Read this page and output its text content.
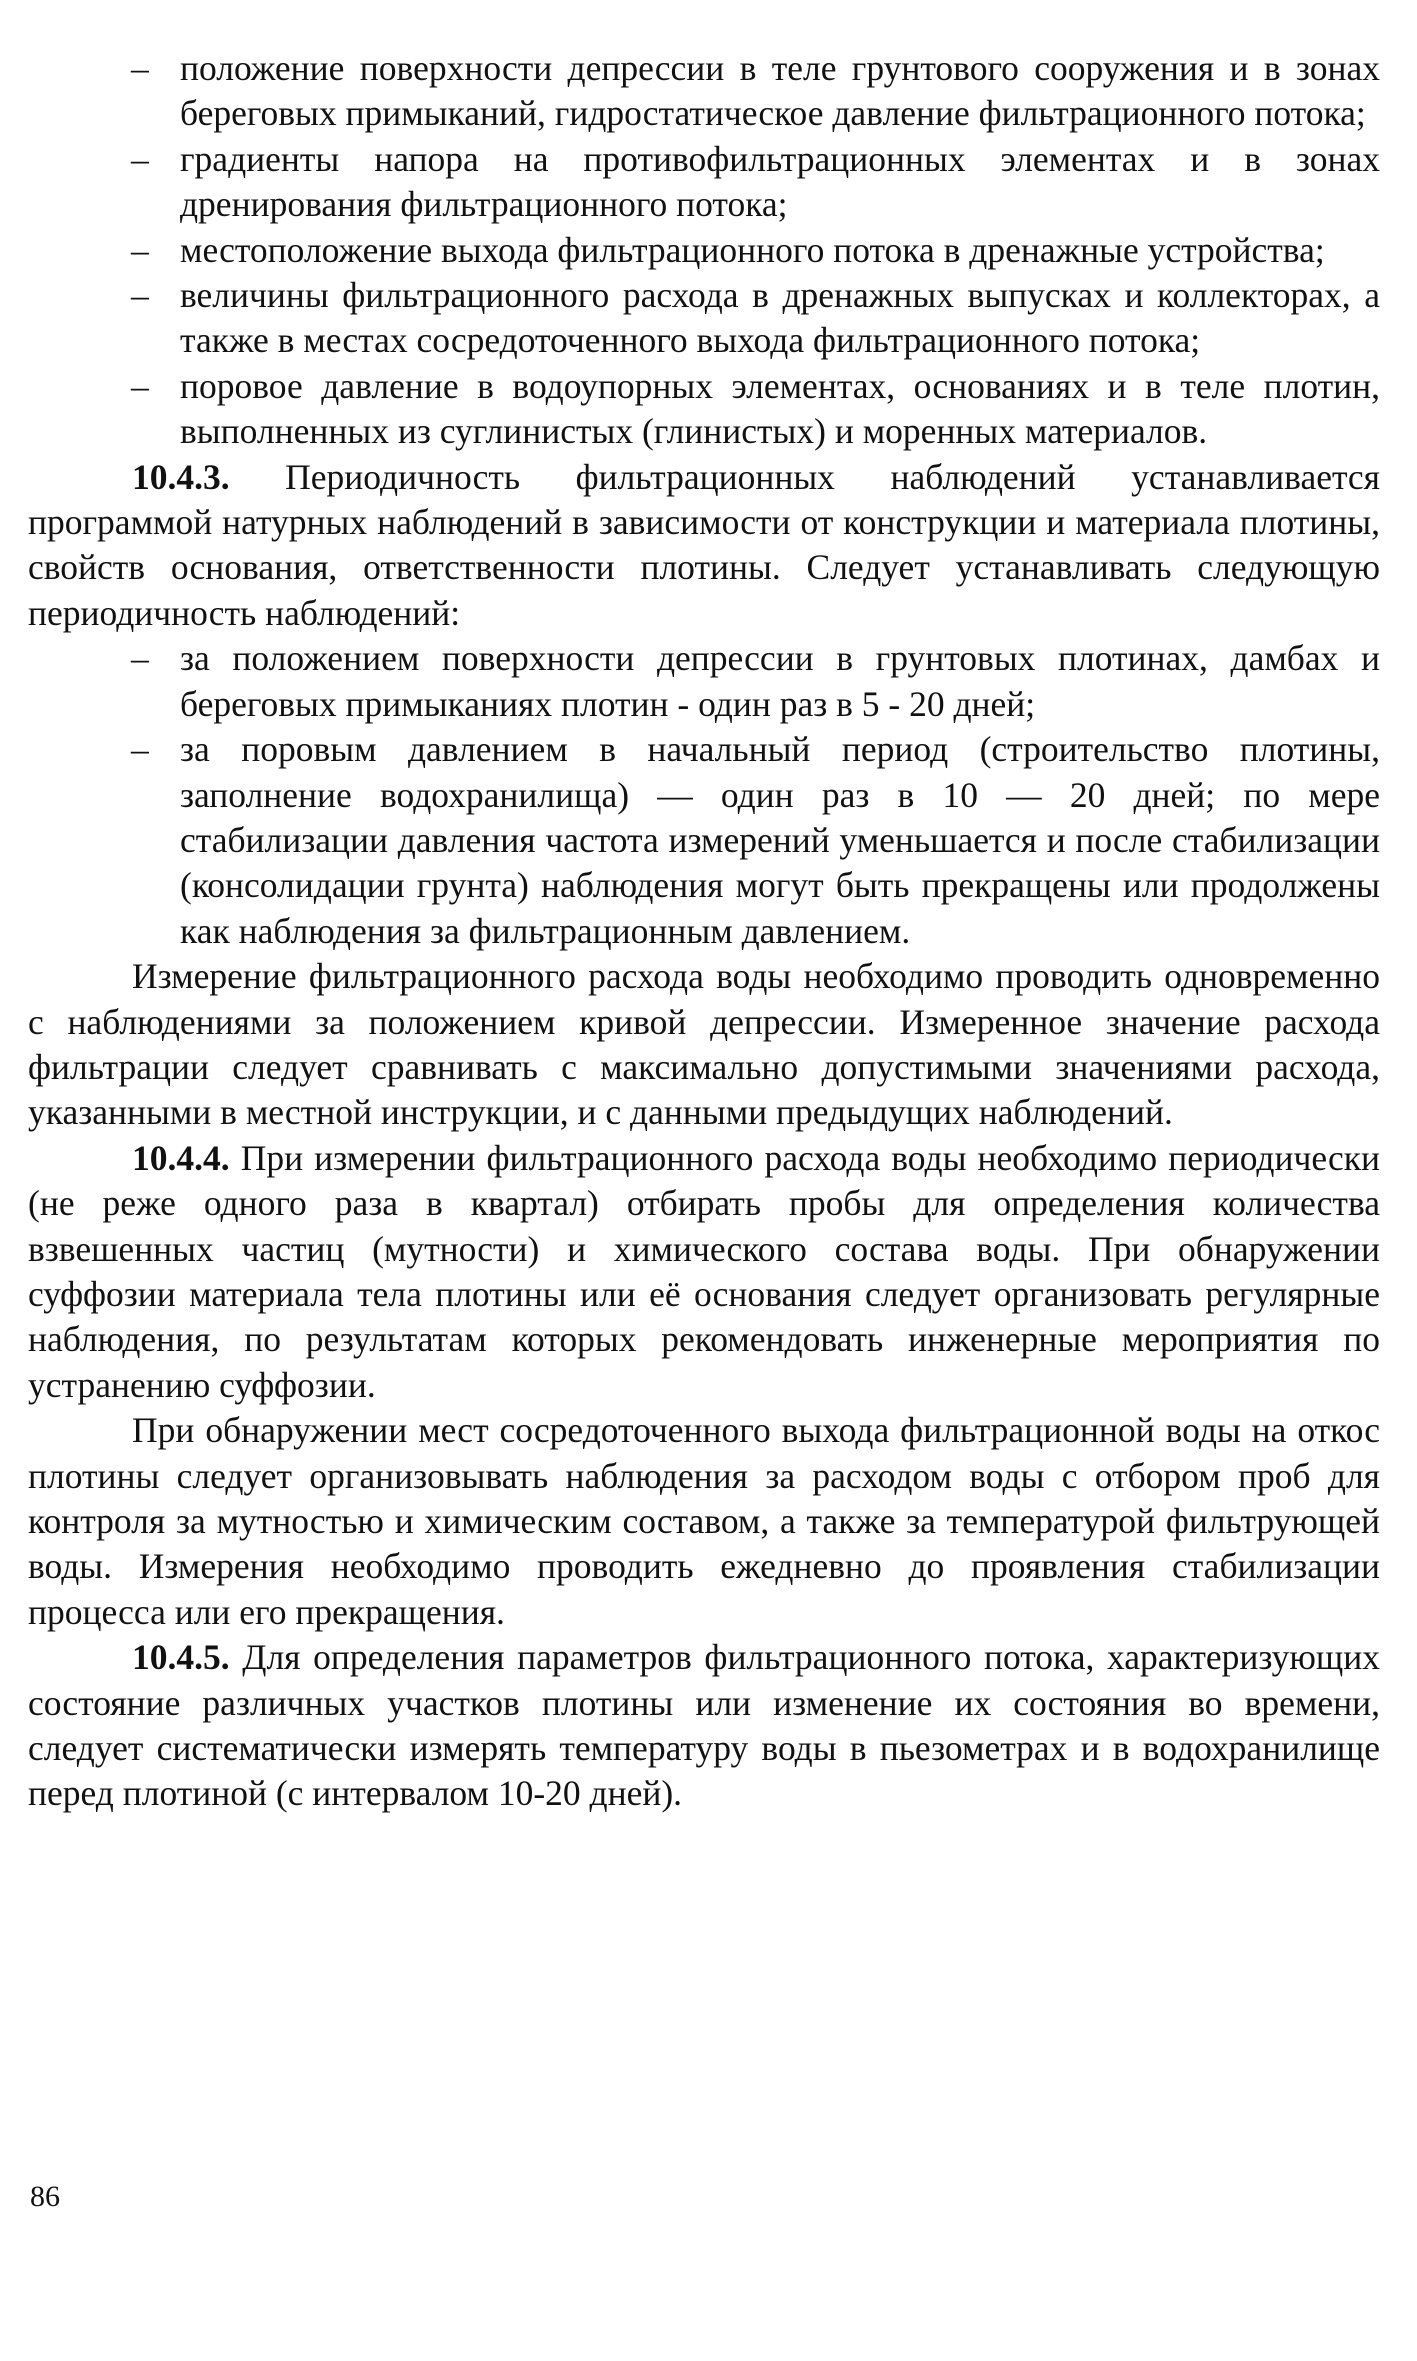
– положение поверхности депрессии в теле грунтового сооружения и в зонах береговых примыканий, гидростатическое давление фильтрационного потока;
– градиенты напора на противофильтрационных элементах и в зонах дренирования фильтрационного потока;
– местоположение выхода фильтрационного потока в дренажные устройства;
– величины фильтрационного расхода в дренажных выпусках и коллекторах, а также в местах сосредоточенного выхода фильтрационного потока;
– поровое давление в водоупорных элементах, основаниях и в теле плотин, выполненных из суглинистых (глинистых) и моренных материалов.

10.4.3. Периодичность фильтрационных наблюдений устанавливается программой натурных наблюдений в зависимости от конструкции и материала плотины, свойств основания, ответственности плотины. Следует устанавливать следующую периодичность наблюдений:

– за положением поверхности депрессии в грунтовых плотинах, дамбах и береговых примыканиях плотин - один раз в 5 - 20 дней;
– за поровым давлением в начальный период (строительство плотины, заполнение водохранилища) — один раз в 10 — 20 дней; по мере стабилизации давления частота измерений уменьшается и после стабилизации (консолидации грунта) наблюдения могут быть прекращены или продолжены как наблюдения за фильтрационным давлением.

Измерение фильтрационного расхода воды необходимо проводить одновременно с наблюдениями за положением кривой депрессии. Измеренное значение расхода фильтрации следует сравнивать с максимально допустимыми значениями расхода, указанными в местной инструкции, и с данными предыдущих наблюдений.

10.4.4. При измерении фильтрационного расхода воды необходимо периодически (не реже одного раза в квартал) отбирать пробы для определения количества взвешенных частиц (мутности) и химического состава воды. При обнаружении суффозии материала тела плотины или её основания следует организовать регулярные наблюдения, по результатам которых рекомендовать инженерные мероприятия по устранению суффозии.

При обнаружении мест сосредоточенного выхода фильтрационной воды на откос плотины следует организовывать наблюдения за расходом воды с отбором проб для контроля за мутностью и химическим составом, а также за температурой фильтрующей воды. Измерения необходимо проводить ежедневно до проявления стабилизации процесса или его прекращения.

10.4.5. Для определения параметров фильтрационного потока, характеризующих состояние различных участков плотины или изменение их состояния во времени, следует систематически измерять температуру воды в пьезометрах и в водохранилище перед плотиной (с интервалом 10-20 дней).

86
